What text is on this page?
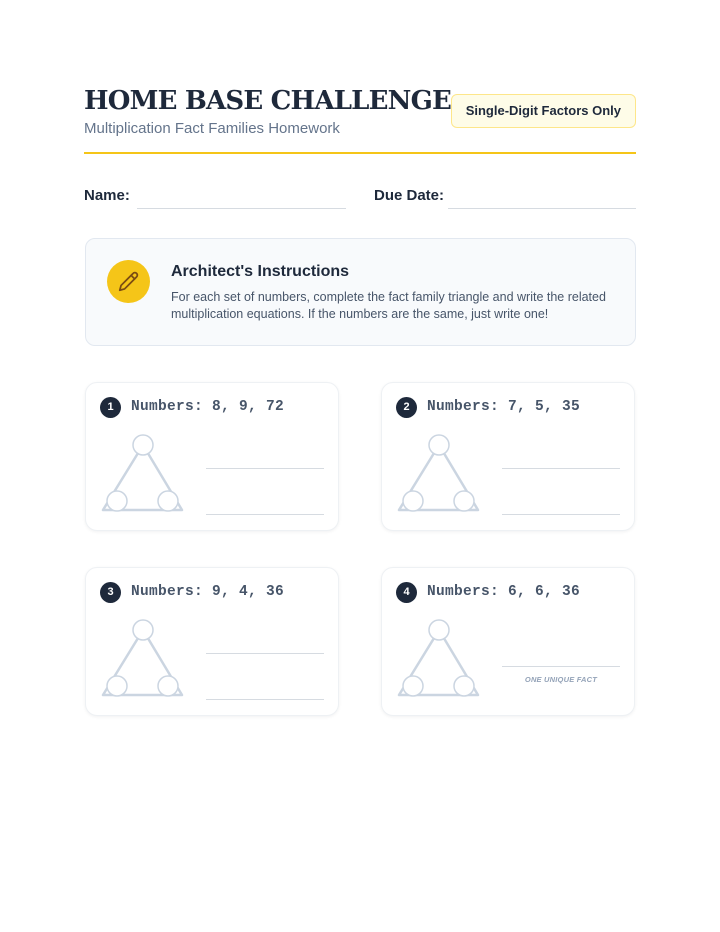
HOME BASE CHALLENGE
Multiplication Fact Families Homework
Single-Digit Factors Only
Name:	Due Date:
Architect's Instructions
For each set of numbers, complete the fact family triangle and write the related multiplication equations. If the numbers are the same, just write one!
1	Numbers: 8, 9, 72	2	Numbers: 7, 5, 35
3	Numbers: 9, 4, 36	4	Numbers: 6, 6, 36
ONE UNIQUE FACT
